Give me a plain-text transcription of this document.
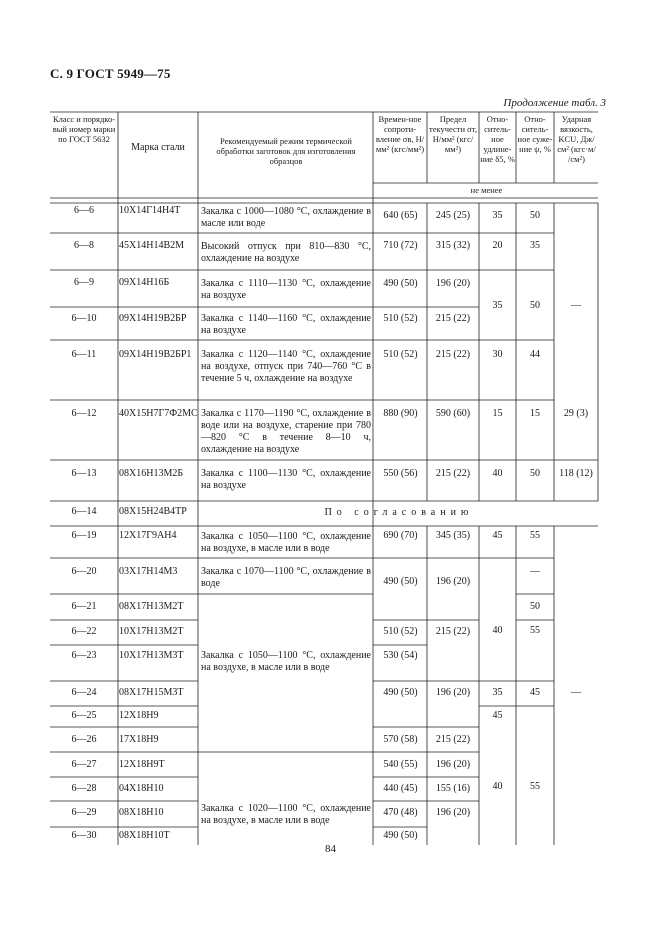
С. 9 ГОСТ 5949—75
Продолжение табл. 3
Класс и порядко-вый номер марки по ГОСТ 5632
Марка стали
Рекомендуемый режим термической обработки заготовок для изготовления образцов
Времен-ное сопроти-вление σв, Н/мм² (кгс/мм²)
Предел текучести σт, Н/мм² (кгс/мм²)
Отно-ситель-ное удлине-ние δ5, %
Отно-ситель-ное суже-ние ψ, %
Ударная вязкость, KCU, Дж/см² (кгс·м/ /см²)
не менее
6—6
6—8
6—9
6—10
6—11
6—12
6—13
6—14
6—19
6—20
6—21
6—22
6—23
6—24
6—25
6—26
6—27
6—28
6—29
6—30
10Х14Г14Н4Т
45Х14Н14В2М
09Х14Н16Б
09Х14Н19В2БР
09Х14Н19В2БР1
40Х15Н7Г7Ф2МС
08Х16Н13М2Б
08Х15Н24В4ТР
12Х17Г9АН4
03Х17Н14М3
08Х17Н13М2Т
10Х17Н13М2Т
10Х17Н13М3Т
08Х17Н15М3Т
12Х18Н9
17Х18Н9
12Х18Н9Т
04Х18Н10
08Х18Н10
08Х18Н10Т
Закалка с 1000—1080 °С, охлаждение в масле или воде
Высокий отпуск при 810—830 °С, охлаждение на воздухе
Закалка с 1110—1130 °С, охлаждение на воздухе
Закалка с 1140—1160 °С, охлаждение на воздухе
Закалка с 1120—1140 °С, охлаждение на воздухе, отпуск при 740—760 °С в течение 5 ч, охлаждение на воздухе
Закалка с 1170—1190 °С, охлаждение в воде или на воздухе, старение при 780—820 °С в течение 8—10 ч, охлаждение на воздухе
Закалка с 1100—1130 °С, охлаждение на воздухе
По согласованию
Закалка с 1050—1100 °С, охлаждение на воздухе, в масле или в воде
Закалка с 1070—1100 °С, охлаждение в воде
Закалка с 1050—1100 °С, охлаждение на воздухе, в масле или в воде
Закалка с 1020—1100 °С, охлаждение на воздухе, в масле или в воде
640 (65)
710 (72)
490 (50)
510 (52)
510 (52)
880 (90)
550 (56)
690 (70)
490 (50)
510 (52)
530 (54)
490 (50)
570 (58)
540 (55)
440 (45)
470 (48)
490 (50)
245 (25)
315 (32)
196 (20)
215 (22)
215 (22)
590 (60)
215 (22)
345 (35)
196 (20)
215 (22)
196 (20)
215 (22)
196 (20)
155 (16)
196 (20)
35
20
35
30
15
40
45
40
35
45
40
50
35
50
44
15
50
55
—
50
55
45
55
—
29 (3)
118 (12)
—
84
